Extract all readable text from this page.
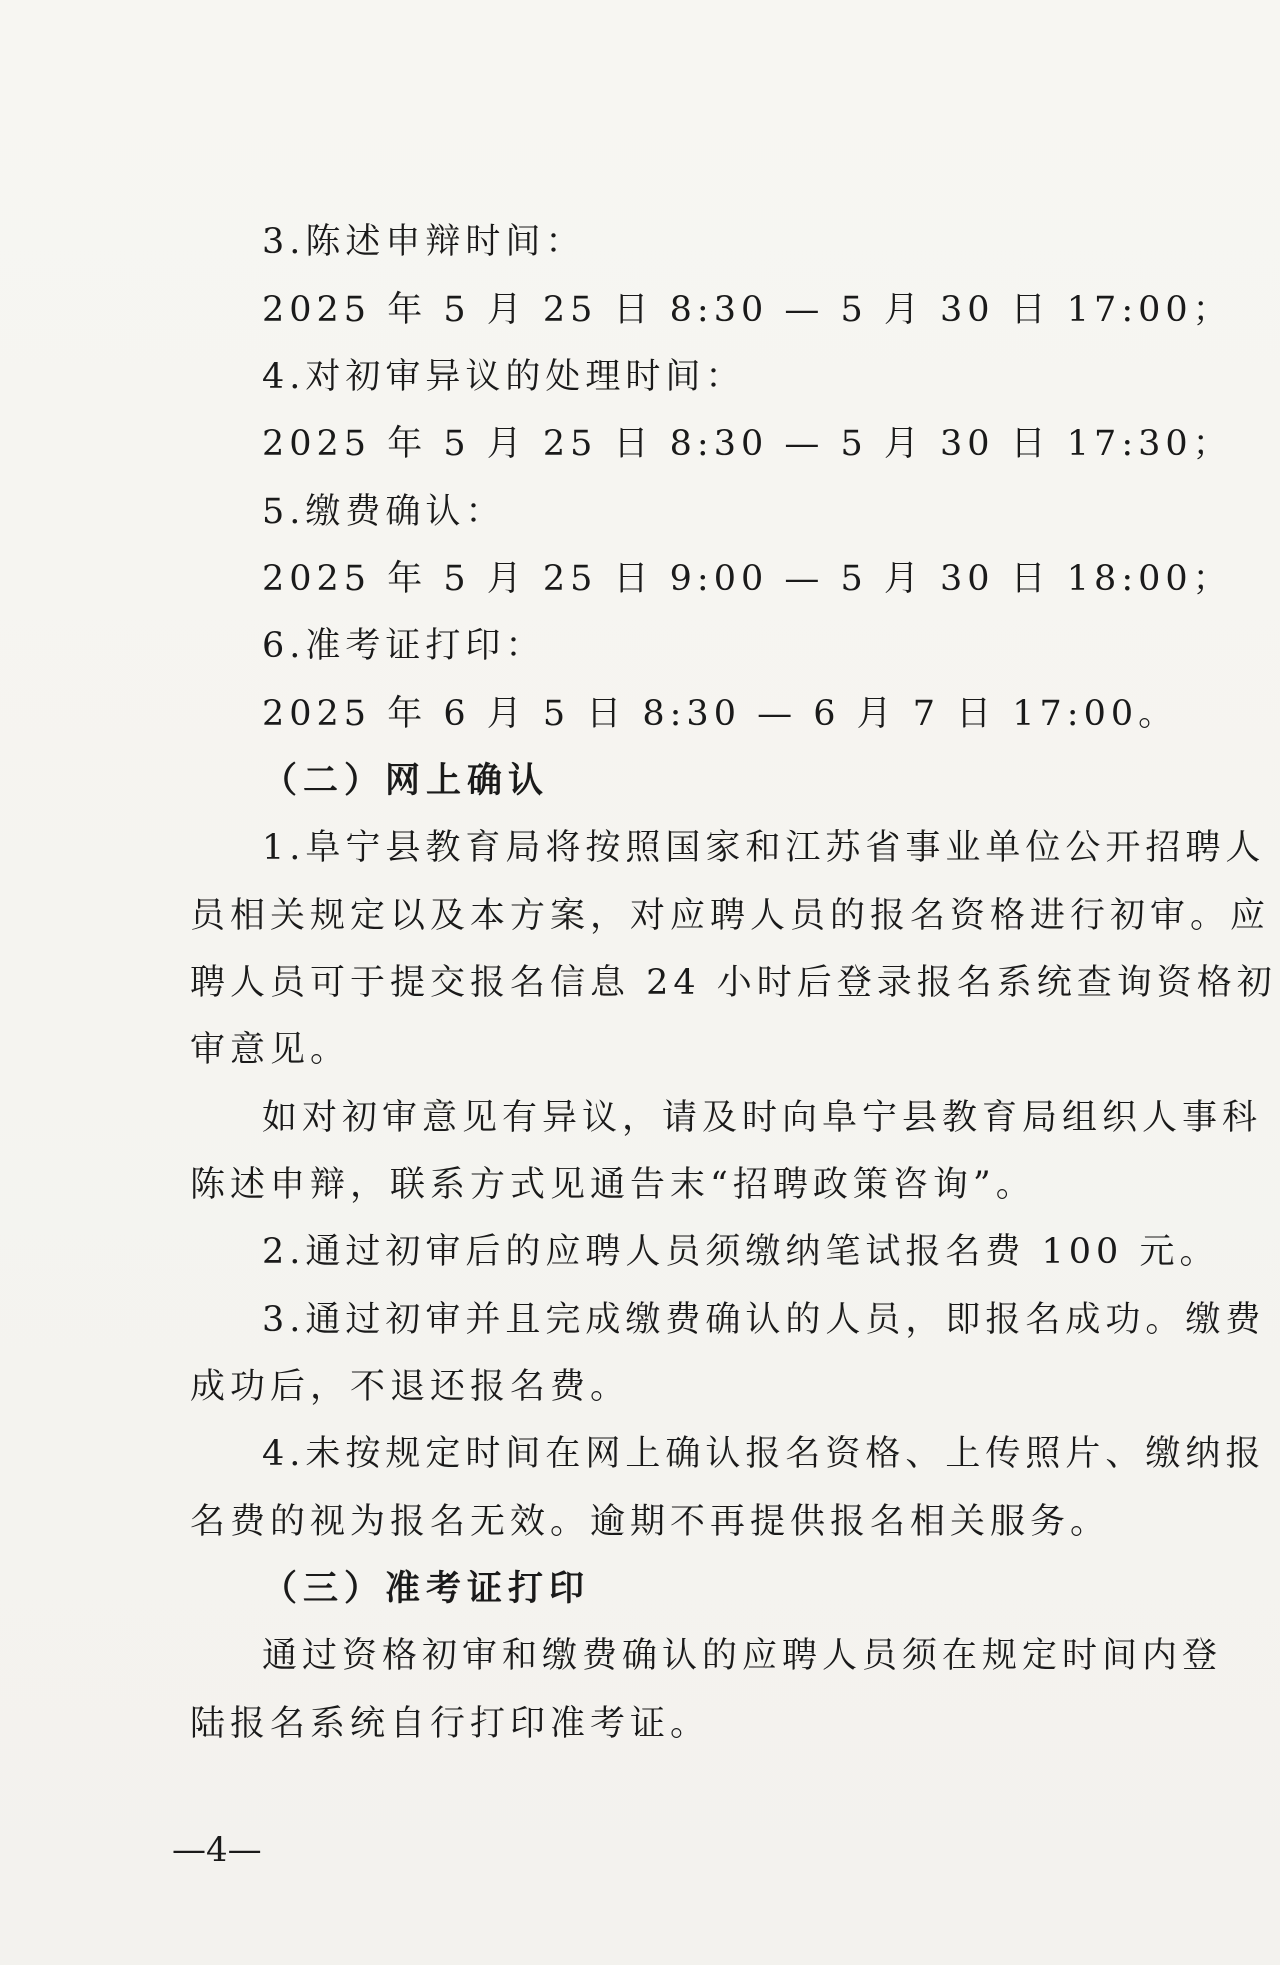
3.陈述申辩时间：
2025 年 5 月 25 日 8:30 — 5 月 30 日 17:00；
4.对初审异议的处理时间：
2025 年 5 月 25 日 8:30 — 5 月 30 日 17:30；
5.缴费确认：
2025 年 5 月 25 日 9:00 — 5 月 30 日 18:00；
6.准考证打印：
2025 年 6 月 5 日 8:30 — 6 月 7 日 17:00。
（二）网上确认
1.阜宁县教育局将按照国家和江苏省事业单位公开招聘人
员相关规定以及本方案，对应聘人员的报名资格进行初审。应
聘人员可于提交报名信息 24 小时后登录报名系统查询资格初
审意见。
如对初审意见有异议，请及时向阜宁县教育局组织人事科
陈述申辩，联系方式见通告末“招聘政策咨询”。
2.通过初审后的应聘人员须缴纳笔试报名费 100 元。
3.通过初审并且完成缴费确认的人员，即报名成功。缴费
成功后，不退还报名费。
4.未按规定时间在网上确认报名资格、上传照片、缴纳报
名费的视为报名无效。逾期不再提供报名相关服务。
（三）准考证打印
通过资格初审和缴费确认的应聘人员须在规定时间内登
陆报名系统自行打印准考证。
—4—
